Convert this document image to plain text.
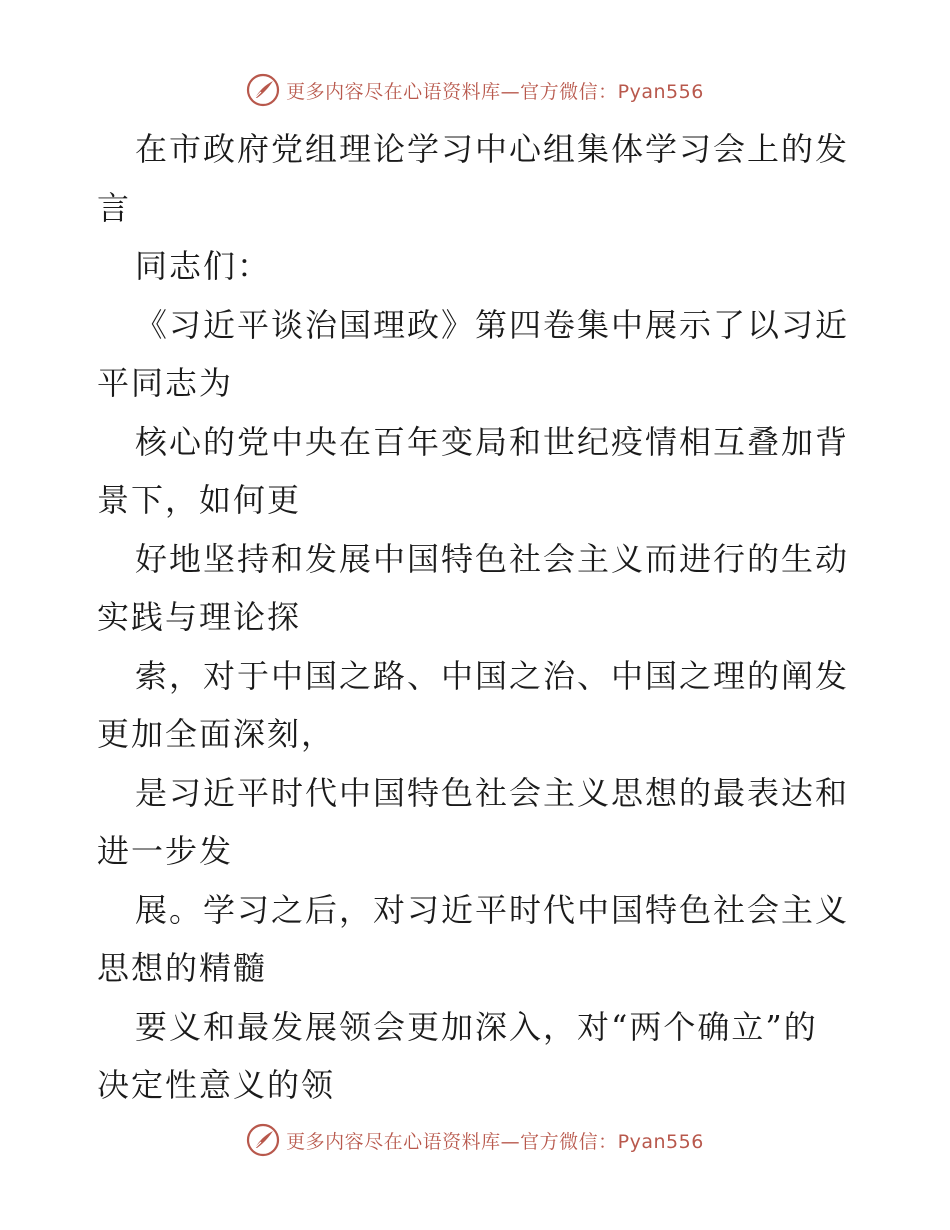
更多内容尽在心语资料库—官方微信：Pyan556
在市政府党组理论学习中心组集体学习会上的发
言
同志们：
《习近平谈治国理政》第四卷集中展示了以习近
平同志为
核心的党中央在百年变局和世纪疫情相互叠加背
景下，如何更
好地坚持和发展中国特色社会主义而进行的生动
实践与理论探
索，对于中国之路、中国之治、中国之理的阐发
更加全面深刻，
是习近平时代中国特色社会主义思想的最表达和
进一步发
展。学习之后，对习近平时代中国特色社会主义
思想的精髓
要义和最发展领会更加深入，对“两个确立”的
决定性意义的领
更多内容尽在心语资料库—官方微信：Pyan556
